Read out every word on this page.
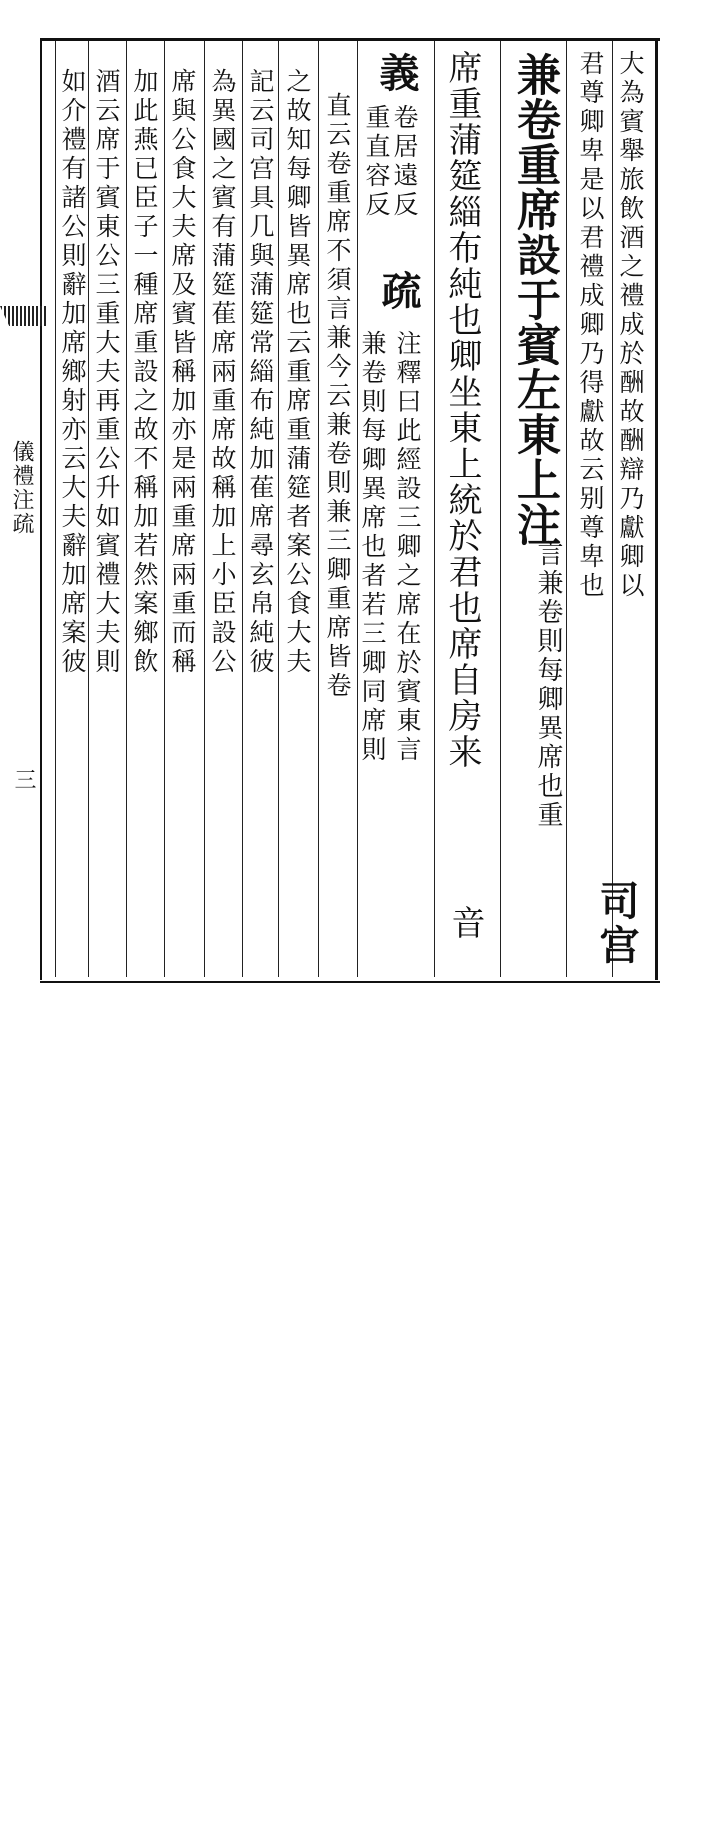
儀禮注疏
三
大為賓舉旅飲酒之禮成於酬故酬辯乃獻卿以
君尊卿卑是以君禮成卿乃得獻故云别尊卑也
司宫
兼卷重席設于賓左東上注
言兼卷則每卿異席也重
席重蒲筵緇布純也卿坐東上統於君也席自房来
音
義
卷居遠反
注釋曰此經設三卿之席在於賓東言
重直容反
疏
兼卷則每卿異席也者若三卿同席則
直云卷重席不須言兼今云兼卷則兼三卿重席皆卷
之故知每卿皆異席也云重席重蒲筵者案公食大夫
記云司宫具几與蒲筵常緇布純加萑席尋玄帛純彼
為異國之賓有蒲筵萑席兩重席故稱加上小臣設公
席與公食大夫席及賓皆稱加亦是兩重席兩重而稱
加此燕已臣子一種席重設之故不稱加若然案鄉飲
酒云席于賓東公三重大夫再重公升如賓禮大夫則
如介禮有諸公則辭加席鄉射亦云大夫辭加席案彼
